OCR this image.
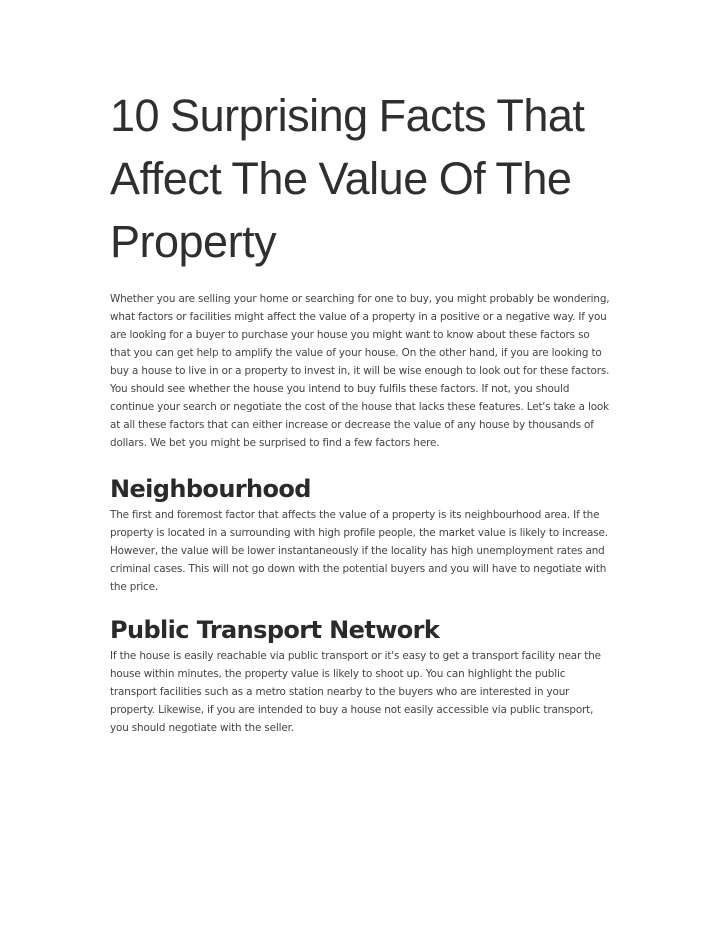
10 Surprising Facts That Affect The Value Of The Property

Whether you are selling your home or searching for one to buy, you might probably be wondering, what factors or facilities might affect the value of a property in a positive or a negative way. If you are looking for a buyer to purchase your house you might want to know about these factors so that you can get help to amplify the value of your house. On the other hand, if you are looking to buy a house to live in or a property to invest in, it will be wise enough to look out for these factors. You should see whether the house you intend to buy fulfils these factors. If not, you should continue your search or negotiate the cost of the house that lacks these features. Let's take a look at all these factors that can either increase or decrease the value of any house by thousands of dollars. We bet you might be surprised to find a few factors here.

Neighbourhood

The first and foremost factor that affects the value of a property is its neighbourhood area. If the property is located in a surrounding with high profile people, the market value is likely to increase. However, the value will be lower instantaneously if the locality has high unemployment rates and criminal cases. This will not go down with the potential buyers and you will have to negotiate with the price.

Public Transport Network

If the house is easily reachable via public transport or it's easy to get a transport facility near the house within minutes, the property value is likely to shoot up. You can highlight the public transport facilities such as a metro station nearby to the buyers who are interested in your property. Likewise, if you are intended to buy a house not easily accessible via public transport, you should negotiate with the seller.
